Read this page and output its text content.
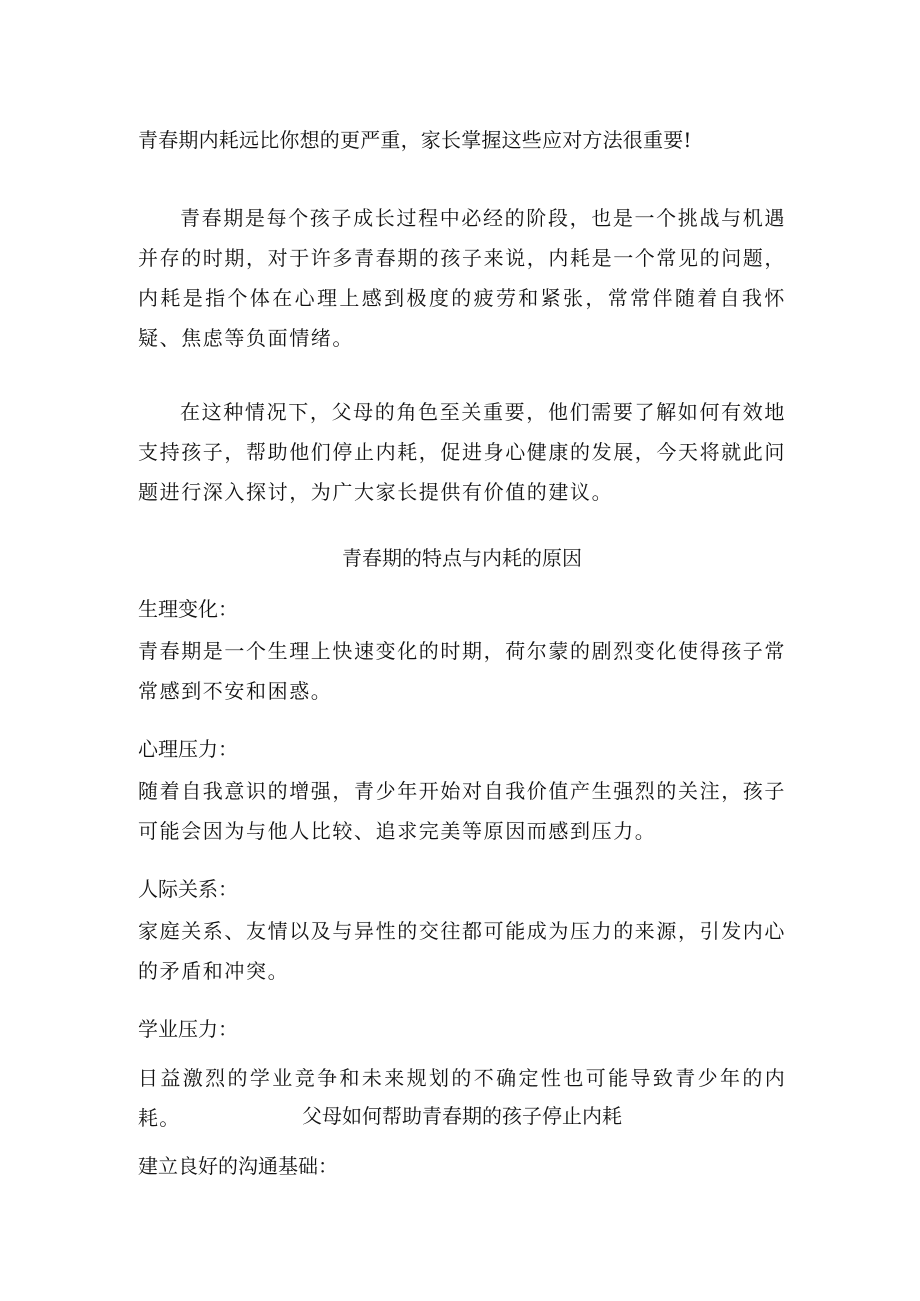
青春期内耗远比你想的更严重，家长掌握这些应对方法很重要!

青春期是每个孩子成长过程中必经的阶段，也是一个挑战与机遇并存的时期，对于许多青春期的孩子来说，内耗是一个常见的问题，内耗是指个体在心理上感到极度的疲劳和紧张，常常伴随着自我怀疑、焦虑等负面情绪。

在这种情况下，父母的角色至关重要，他们需要了解如何有效地支持孩子，帮助他们停止内耗，促进身心健康的发展，今天将就此问题进行深入探讨，为广大家长提供有价值的建议。

青春期的特点与内耗的原因
生理变化：

青春期是一个生理上快速变化的时期，荷尔蒙的剧烈变化使得孩子常常感到不安和困惑。

心理压力：

随着自我意识的增强，青少年开始对自我价值产生强烈的关注，孩子可能会因为与他人比较、追求完美等原因而感到压力。

人际关系：

家庭关系、友情以及与异性的交往都可能成为压力的来源，引发内心的矛盾和冲突。

学业压力：

日益激烈的学业竞争和未来规划的不确定性也可能导致青少年的内耗。	父母如何帮助青春期的孩子停止内耗
建立良好的沟通基础：
